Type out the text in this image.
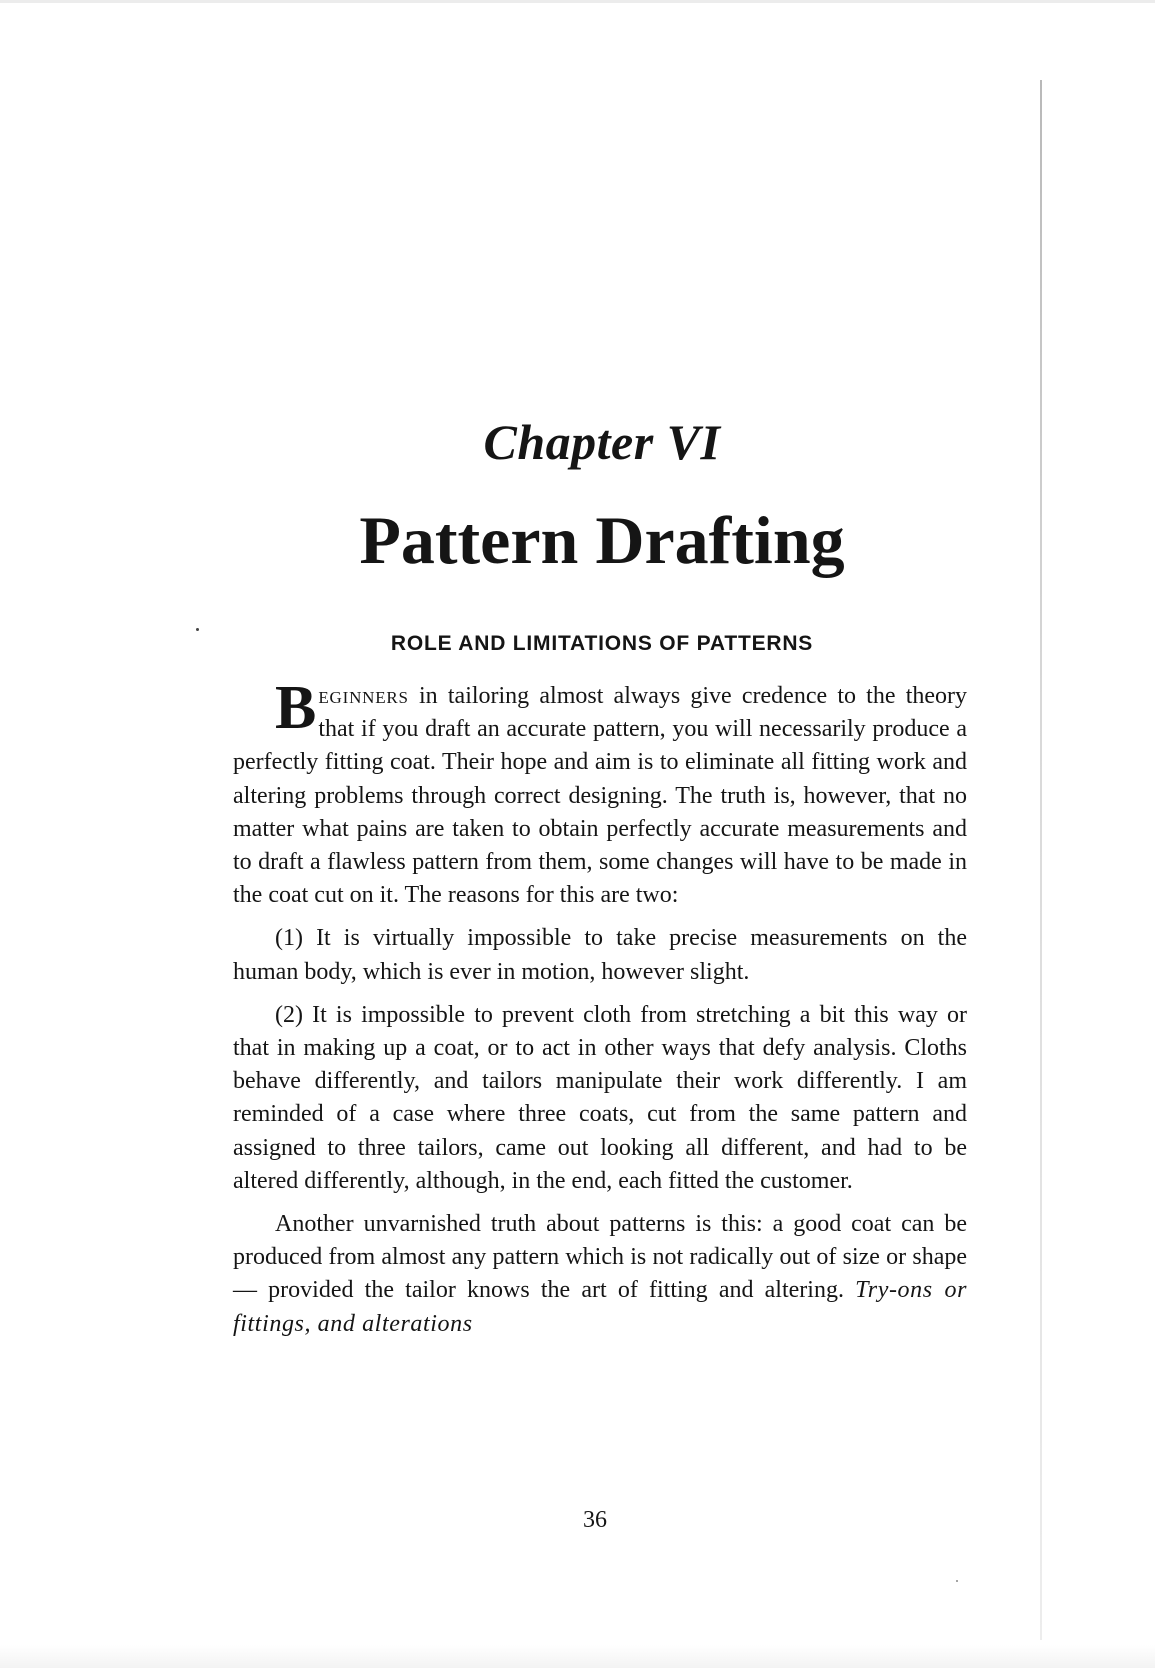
Chapter VI
Pattern Drafting
ROLE AND LIMITATIONS OF PATTERNS

Beginners in tailoring almost always give credence to the theory that if you draft an accurate pattern, you will necessarily produce a perfectly fitting coat. Their hope and aim is to eliminate all fitting work and altering problems through correct designing. The truth is, however, that no matter what pains are taken to obtain perfectly accurate measurements and to draft a flawless pattern from them, some changes will have to be made in the coat cut on it. The reasons for this are two:

(1) It is virtually impossible to take precise measurements on the human body, which is ever in motion, however slight.

(2) It is impossible to prevent cloth from stretching a bit this way or that in making up a coat, or to act in other ways that defy analysis. Cloths behave differently, and tailors manipulate their work differently. I am reminded of a case where three coats, cut from the same pattern and assigned to three tailors, came out looking all different, and had to be altered differently, although, in the end, each fitted the customer.

Another unvarnished truth about patterns is this: a good coat can be produced from almost any pattern which is not radically out of size or shape — provided the tailor knows the art of fitting and altering. Try-ons or fittings, and alterations

36
